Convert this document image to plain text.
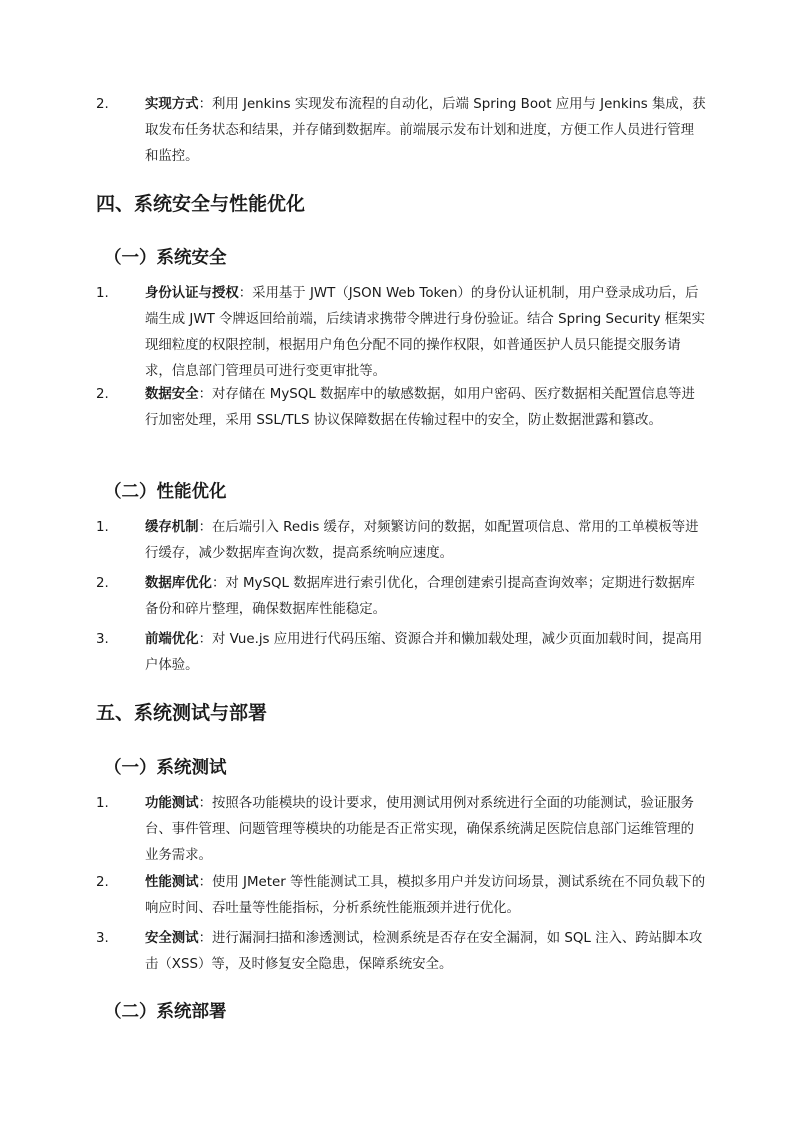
2.	实现方式：利用 Jenkins 实现发布流程的自动化，后端 Spring Boot 应用与 Jenkins 集成，获取发布任务状态和结果，并存储到数据库。前端展示发布计划和进度，方便工作人员进行管理和监控。
四、系统安全与性能优化
（一）系统安全
1.	身份认证与授权：采用基于 JWT（JSON Web Token）的身份认证机制，用户登录成功后，后端生成 JWT 令牌返回给前端，后续请求携带令牌进行身份验证。结合 Spring Security 框架实现细粒度的权限控制，根据用户角色分配不同的操作权限，如普通医护人员只能提交服务请求，信息部门管理员可进行变更审批等。
2.	数据安全：对存储在 MySQL 数据库中的敏感数据，如用户密码、医疗数据相关配置信息等进行加密处理，采用 SSL/TLS 协议保障数据在传输过程中的安全，防止数据泄露和篡改。
（二）性能优化
1.	缓存机制：在后端引入 Redis 缓存，对频繁访问的数据，如配置项信息、常用的工单模板等进行缓存，减少数据库查询次数，提高系统响应速度。
2.	数据库优化：对 MySQL 数据库进行索引优化，合理创建索引提高查询效率；定期进行数据库备份和碎片整理，确保数据库性能稳定。
3.	前端优化：对 Vue.js 应用进行代码压缩、资源合并和懒加载处理，减少页面加载时间，提高用户体验。
五、系统测试与部署
（一）系统测试
1.	功能测试：按照各功能模块的设计要求，使用测试用例对系统进行全面的功能测试，验证服务台、事件管理、问题管理等模块的功能是否正常实现，确保系统满足医院信息部门运维管理的业务需求。
2.	性能测试：使用 JMeter 等性能测试工具，模拟多用户并发访问场景，测试系统在不同负载下的响应时间、吞吐量等性能指标，分析系统性能瓶颈并进行优化。
3.	安全测试：进行漏洞扫描和渗透测试，检测系统是否存在安全漏洞，如 SQL 注入、跨站脚本攻击（XSS）等，及时修复安全隐患，保障系统安全。
（二）系统部署
